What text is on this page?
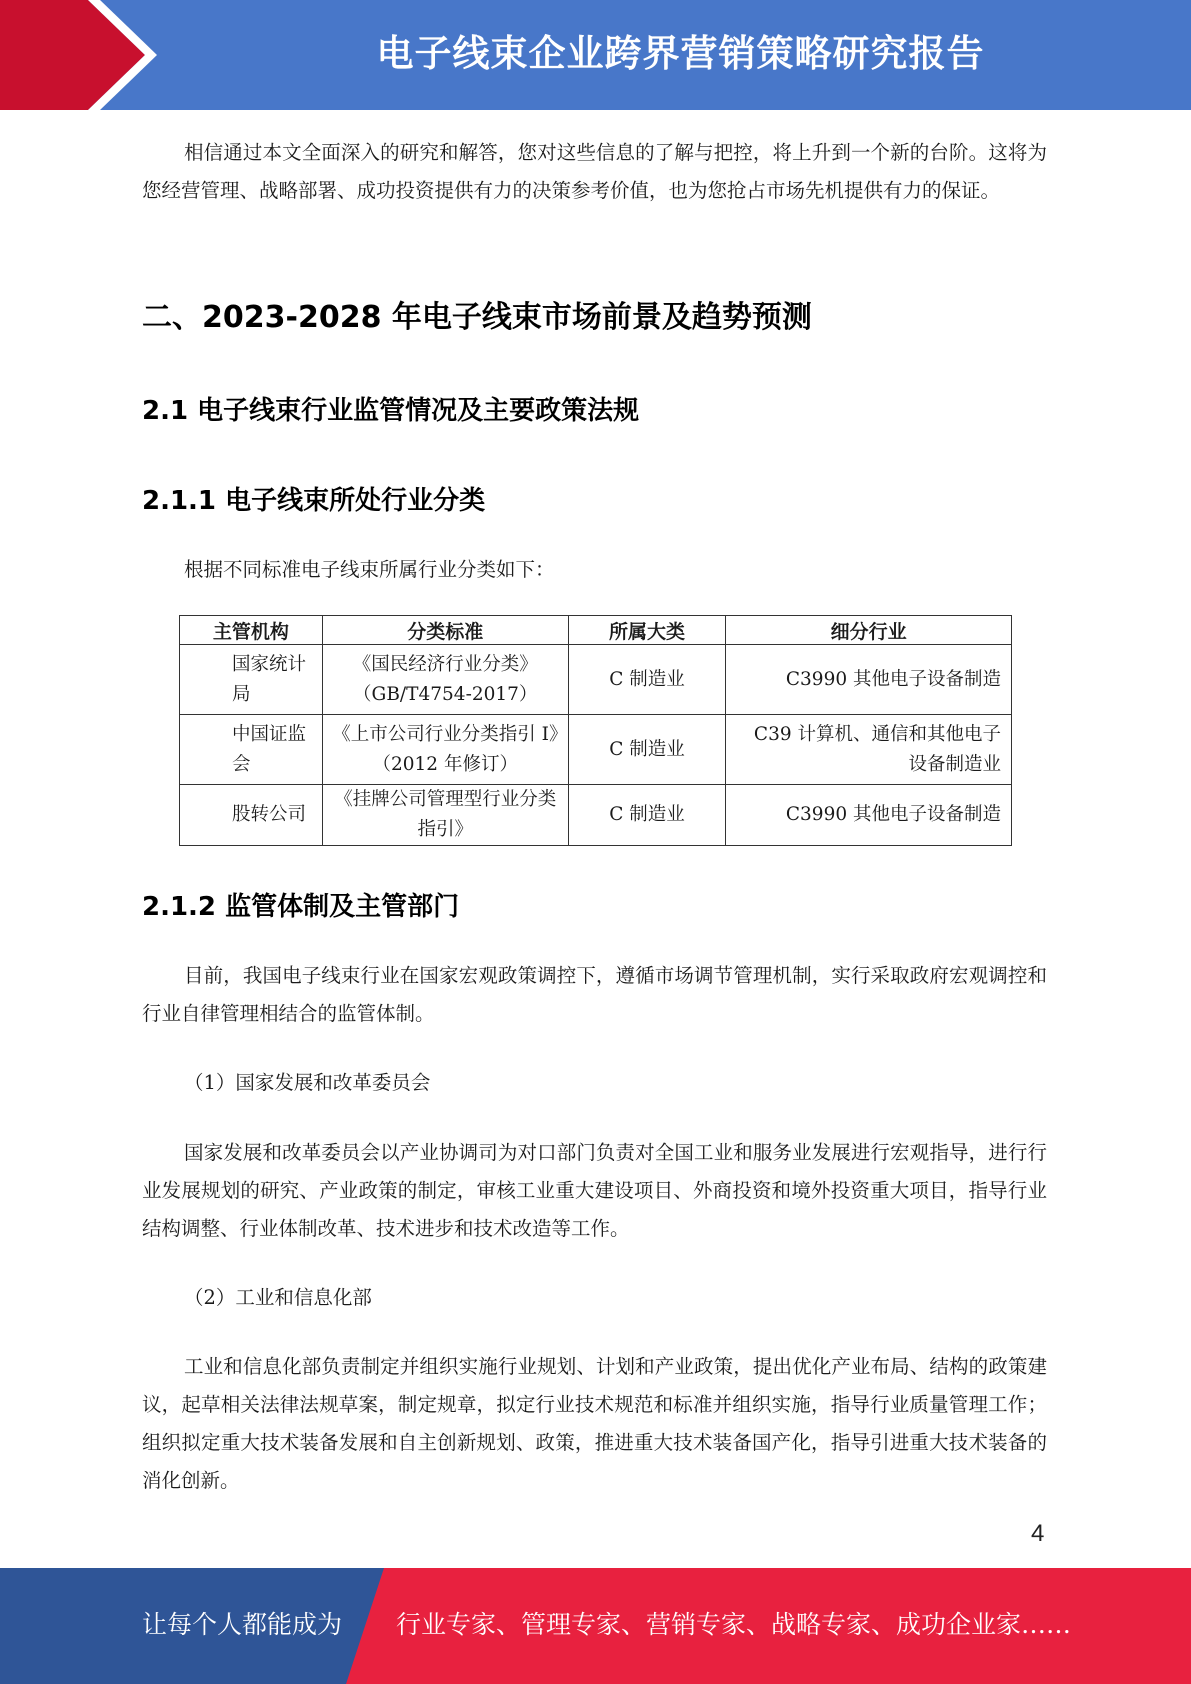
电子线束企业跨界营销策略研究报告

相信通过本文全面深入的研究和解答，您对这些信息的了解与把控，将上升到一个新的台阶。这将为您经营管理、战略部署、成功投资提供有力的决策参考价值，也为您抢占市场先机提供有力的保证。

二、2023-2028 年电子线束市场前景及趋势预测
2.1 电子线束行业监管情况及主要政策法规
2.1.1 电子线束所处行业分类
根据不同标准电子线束所属行业分类如下：
主管机构	分类标准	所属大类	细分行业
国家统计局	《国民经济行业分类》（GB/T4754-2017）	C 制造业	C3990 其他电子设备制造
中国证监会	《上市公司行业分类指引 I》（2012 年修订）	C 制造业	C39 计算机、通信和其他电子 设备制造业
股转公司	《挂牌公司管理型行业分类指引》	C 制造业	C3990 其他电子设备制造
2.1.2 监管体制及主管部门

目前，我国电子线束行业在国家宏观政策调控下，遵循市场调节管理机制，实行采取政府宏观调控和行业自律管理相结合的监管体制。

（1）国家发展和改革委员会

国家发展和改革委员会以产业协调司为对口部门负责对全国工业和服务业发展进行宏观指导，进行行业发展规划的研究、产业政策的制定，审核工业重大建设项目、外商投资和境外投资重大项目，指导行业结构调整、行业体制改革、技术进步和技术改造等工作。

（2）工业和信息化部

工业和信息化部负责制定并组织实施行业规划、计划和产业政策，提出优化产业布局、结构的政策建议，起草相关法律法规草案，制定规章，拟定行业技术规范和标准并组织实施，指导行业质量管理工作；组织拟定重大技术装备发展和自主创新规划、政策，推进重大技术装备国产化，指导引进重大技术装备的消化创新。

4
让每个人都能成为 行业专家、管理专家、营销专家、战略专家、成功企业家……
